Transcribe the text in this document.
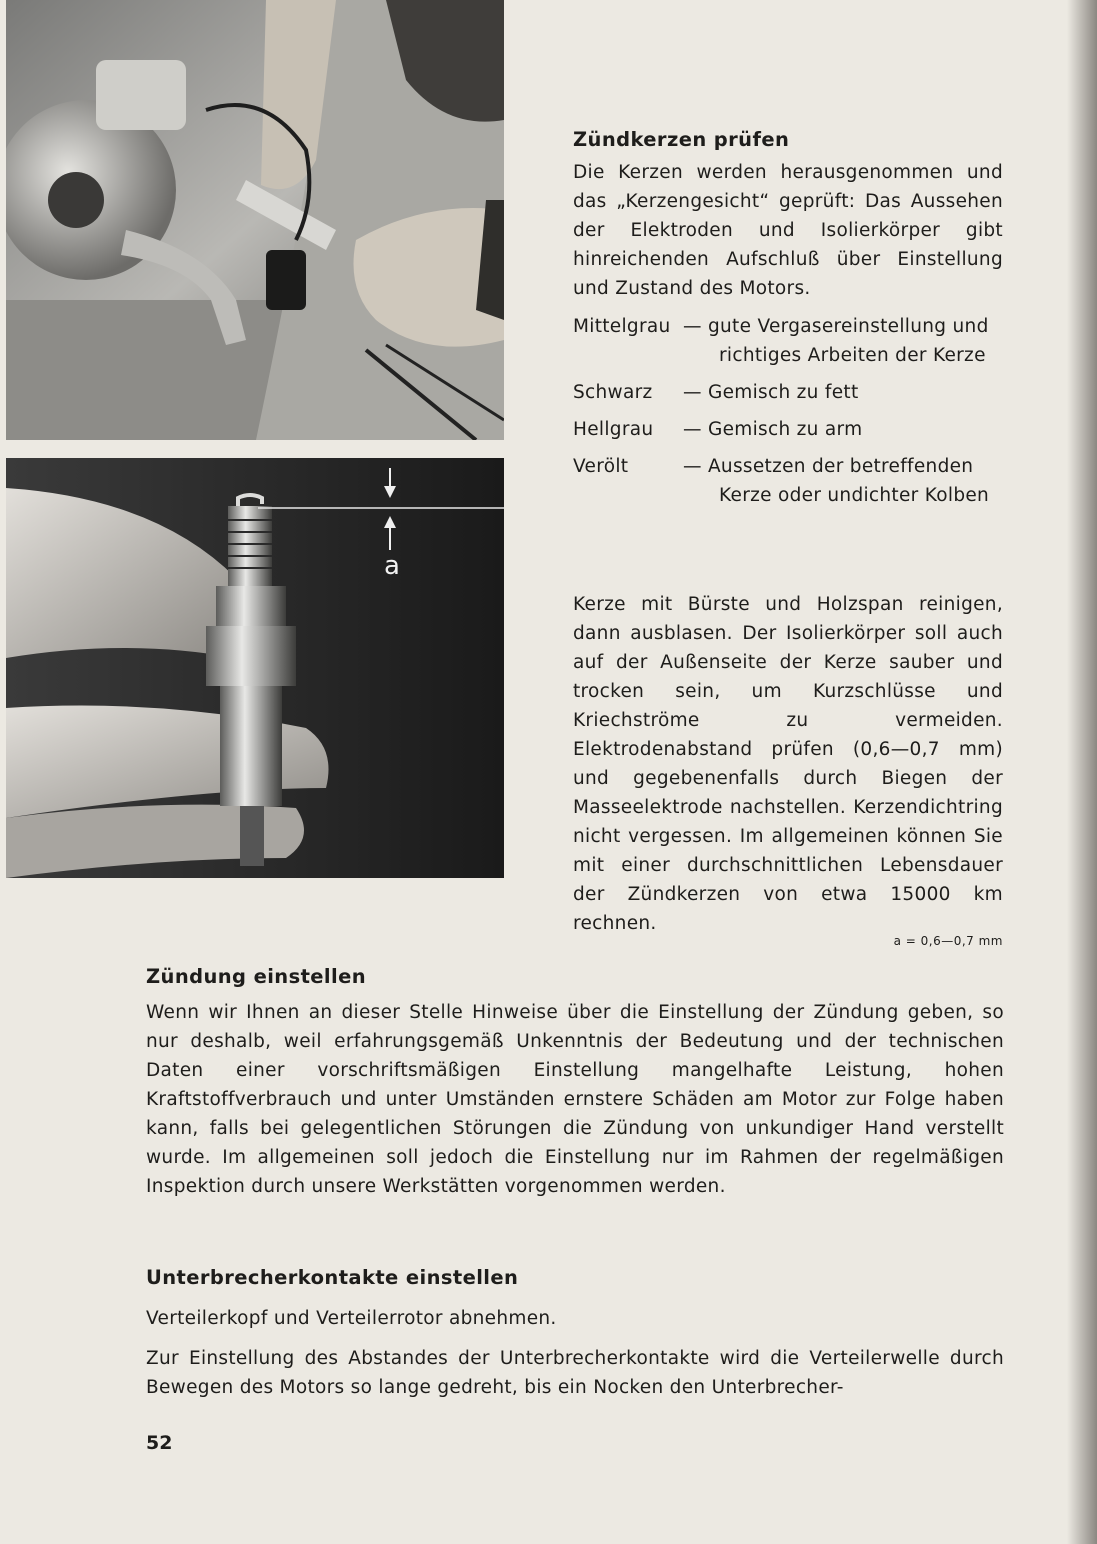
a
Zündkerzen prüfen

Die Kerzen werden herausgenommen und das „Kerzengesicht“ geprüft: Das Aussehen der Elektroden und Isolierkörper gibt hinreichenden Aufschluß über Einstellung und Zustand des Motors.

Mittelgrau — gute Vergasereinstellung und richtiges Arbeiten der Kerze
Schwarz — Gemisch zu fett
Hellgrau — Gemisch zu arm
Verölt	— Aussetzen der betreffenden Kerze oder undichter Kolben

Kerze mit Bürste und Holzspan reinigen, dann ausblasen. Der Isolierkörper soll auch auf der Außenseite der Kerze sauber und trocken sein, um Kurzschlüsse und Kriechströme zu vermeiden. Elektrodenabstand prüfen (0,6—0,7 mm) und gegebenenfalls durch Biegen der Masseelektrode nachstellen. Kerzendichtring nicht vergessen. Im allgemeinen können Sie mit einer durchschnittlichen Lebensdauer der Zündkerzen von etwa 15000 km rechnen.

a = 0,6—0,7 mm
Zündung einstellen

Wenn wir Ihnen an dieser Stelle Hinweise über die Einstellung der Zündung geben, so nur deshalb, weil erfahrungsgemäß Unkenntnis der Bedeutung und der technischen Daten einer vorschriftsmäßigen Einstellung mangelhafte Leistung, hohen Kraftstoffverbrauch und unter Umständen ernstere Schäden am Motor zur Folge haben kann, falls bei gelegentlichen Störungen die Zündung von unkundiger Hand verstellt wurde. Im allgemeinen soll jedoch die Einstellung nur im Rahmen der regelmäßigen Inspektion durch unsere Werkstätten vorgenommen werden.

Unterbrecherkontakte einstellen

Verteilerkopf und Verteilerrotor abnehmen.

Zur Einstellung des Abstandes der Unterbrecherkontakte wird die Verteilerwelle durch Bewegen des Motors so lange gedreht, bis ein Nocken den Unterbrecher-

52
